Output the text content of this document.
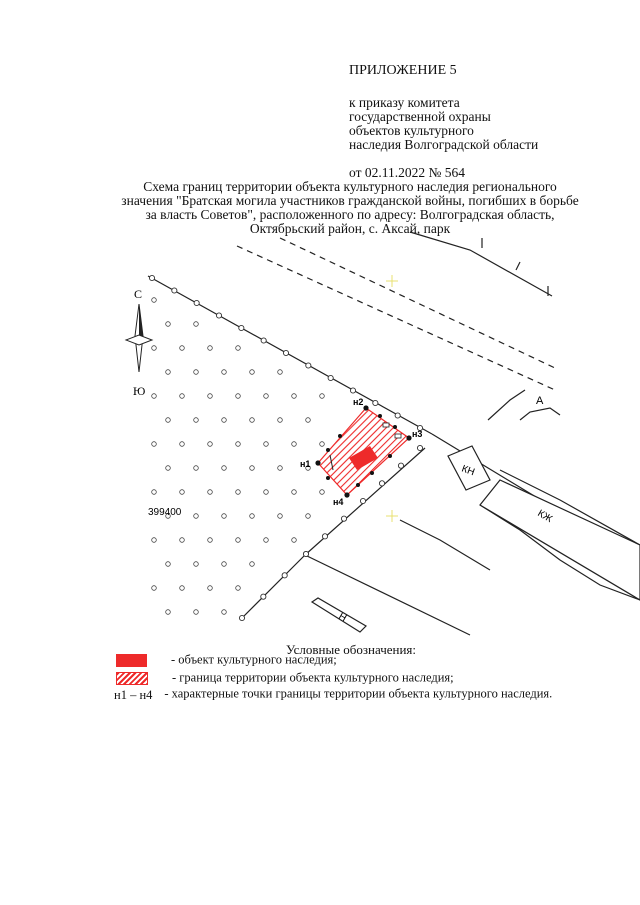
ПРИЛОЖЕНИЕ 5
к приказу комитета
государственной охраны
объектов культурного
наследия Волгоградской области
от 02.11.2022 № 564
Схема границ территории объекта культурного наследия регионального
значения "Братская могила участников гражданской войны, погибших в борьбе
за власть Советов", расположенного по адресу: Волгоградская область,
Октябрьский район, с. Аксай, парк
КН
КЖ
Н
А
399400
С
Ю
н1
н2
н3
н4
Условные обозначения:
- объект культурного наследия;
- граница территории объекта культурного наследия;
н1 – н4 - характерные точки границы территории объекта культурного наследия.
